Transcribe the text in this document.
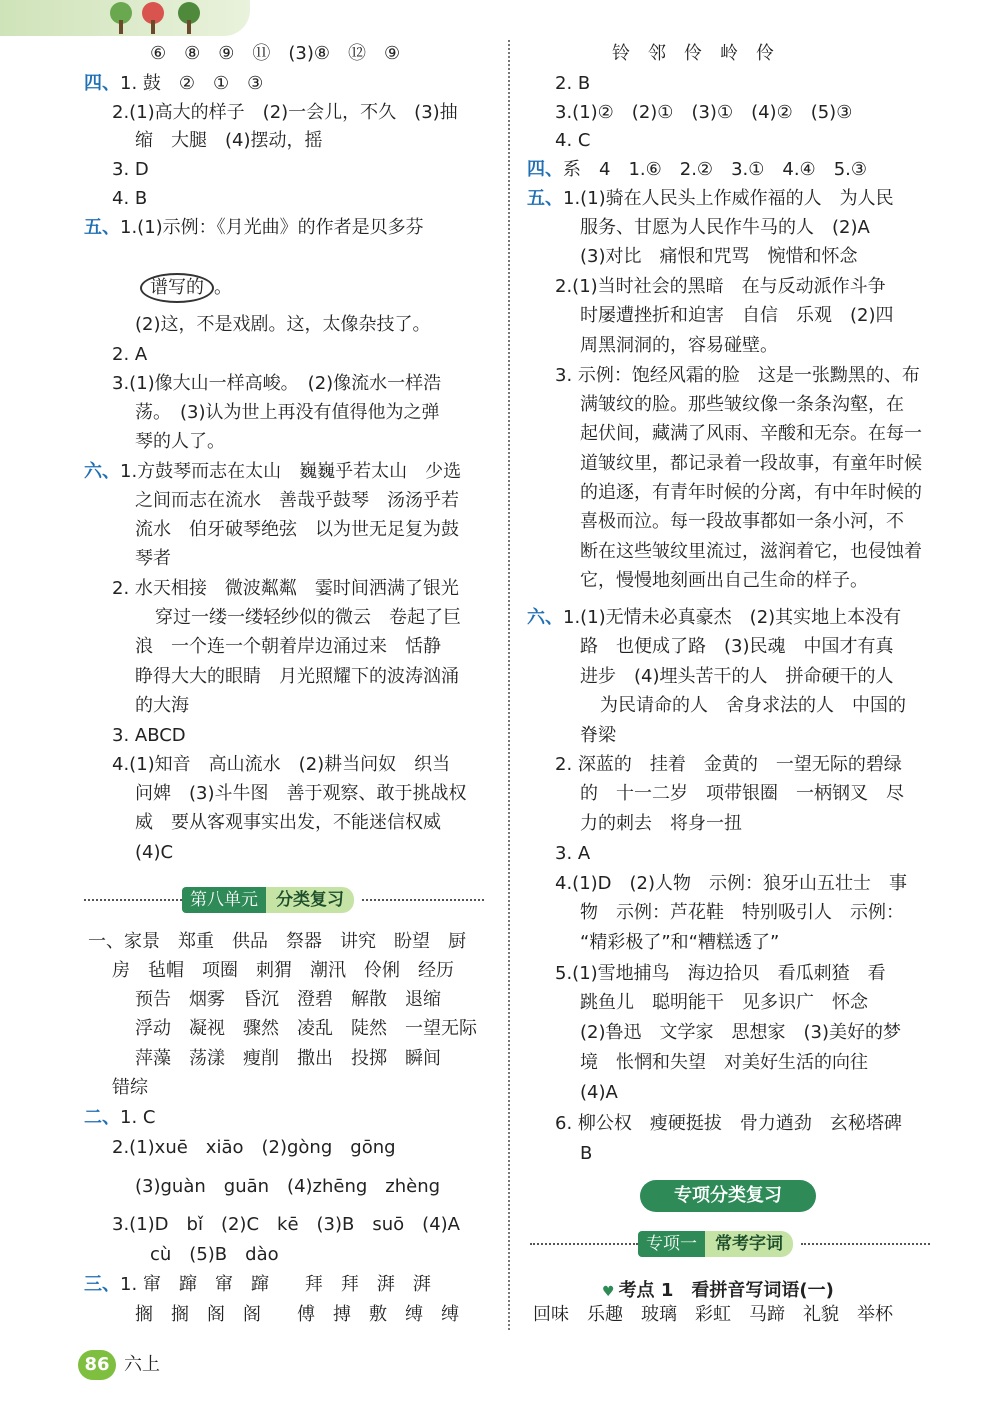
⑥　⑧　⑨　⑪　(3)⑧　⑫　⑨
四、1. 鼓　②　①　③
2.(1)高大的样子　(2)一会儿，不久　(3)抽
缩　大腿　(4)摆动，摇
3. D
4. B
五、1.(1)示例：《月光曲》的作者是贝多芬
(2)这，不是戏剧。这，太像杂技了。
2. A
3.(1)像大山一样高峻。　(2)像流水一样浩
荡。　(3)认为世上再没有值得他为之弹
琴的人了。
六、1.方鼓琴而志在太山　巍巍乎若太山　少选
之间而志在流水　善哉乎鼓琴　汤汤乎若
流水　伯牙破琴绝弦　以为世无足复为鼓
琴者
2. 水天相接　微波粼粼　霎时间洒满了银光
穿过一缕一缕轻纱似的微云　卷起了巨
浪　一个连一个朝着岸边涌过来　恬静
睁得大大的眼睛　月光照耀下的波涛汹涌
的大海
3. ABCD
4.(1)知音　高山流水　(2)耕当问奴　织当
问婢　(3)斗牛图　善于观察、敢于挑战权
威　要从客观事实出发，不能迷信权威
(4)C
一、家景　郑重　供品　祭器　讲究　盼望　厨
房　毡帽　项圈　刺猬　潮汛　伶俐　经历
预告　烟雾　昏沉　澄碧　解散　退缩
浮动　凝视　骤然　凌乱　陡然　一望无际
萍藻　荡漾　瘦削　撒出　投掷　瞬间
错综
二、1. C
2.(1)xuē　xiāo　(2)gòng　gōng
(3)guàn　guān　(4)zhēng　zhèng
3.(1)D　bǐ　(2)C　kē　(3)B　suō　(4)A
cù　(5)B　dào
三、1. 窜　蹿　窜　蹿　　拜　拜　湃　湃
搁　搁　阁　阁　　傅　搏　敷　缚　缚
铃　邻　伶　岭　伶
2. B
3.(1)②　(2)①　(3)①　(4)②　(5)③
4. C
四、系　4　1.⑥　2.②　3.①　4.④　5.③
五、1.(1)骑在人民头上作威作福的人　为人民
服务、甘愿为人民作牛马的人　(2)A
(3)对比　痛恨和咒骂　惋惜和怀念
2.(1)当时社会的黑暗　在与反动派作斗争
时屡遭挫折和迫害　自信　乐观　(2)四
周黑洞洞的，容易碰壁。
3. 示例：饱经风霜的脸　这是一张黝黑的、布
满皱纹的脸。那些皱纹像一条条沟壑，在
起伏间，藏满了风雨、辛酸和无奈。在每一
道皱纹里，都记录着一段故事，有童年时候
的追逐，有青年时候的分离，有中年时候的
喜极而泣。每一段故事都如一条小河，不
断在这些皱纹里流过，滋润着它，也侵蚀着
它，慢慢地刻画出自己生命的样子。
六、1.(1)无情未必真豪杰　(2)其实地上本没有
路　也便成了路　(3)民魂　中国才有真
进步　(4)埋头苦干的人　拼命硬干的人
为民请命的人　舍身求法的人　中国的
脊梁
2. 深蓝的　挂着　金黄的　一望无际的碧绿
的　十一二岁　项带银圈　一柄钢叉　尽
力的刺去　将身一扭
3. A
4.(1)D　(2)人物　示例：狼牙山五壮士　事
物　示例：芦花鞋　特别吸引人　示例：
“精彩极了”和“糟糕透了”
5.(1)雪地捕鸟　海边拾贝　看瓜刺猹　看
跳鱼儿　聪明能干　见多识广　怀念
(2)鲁迅　文学家　思想家　(3)美好的梦
境　怅惘和失望　对美好生活的向往
(4)A
6. 柳公权　瘦硬挺拔　骨力遒劲　玄秘塔碑
B
回味　乐趣　玻璃　彩虹　马蹄　礼貌　举杯
谱写的 。
第八单元	分类复习
专项分类复习
专项一	常考字词
♥ 考点 1　 看拼音写词语(一)
86 六上
